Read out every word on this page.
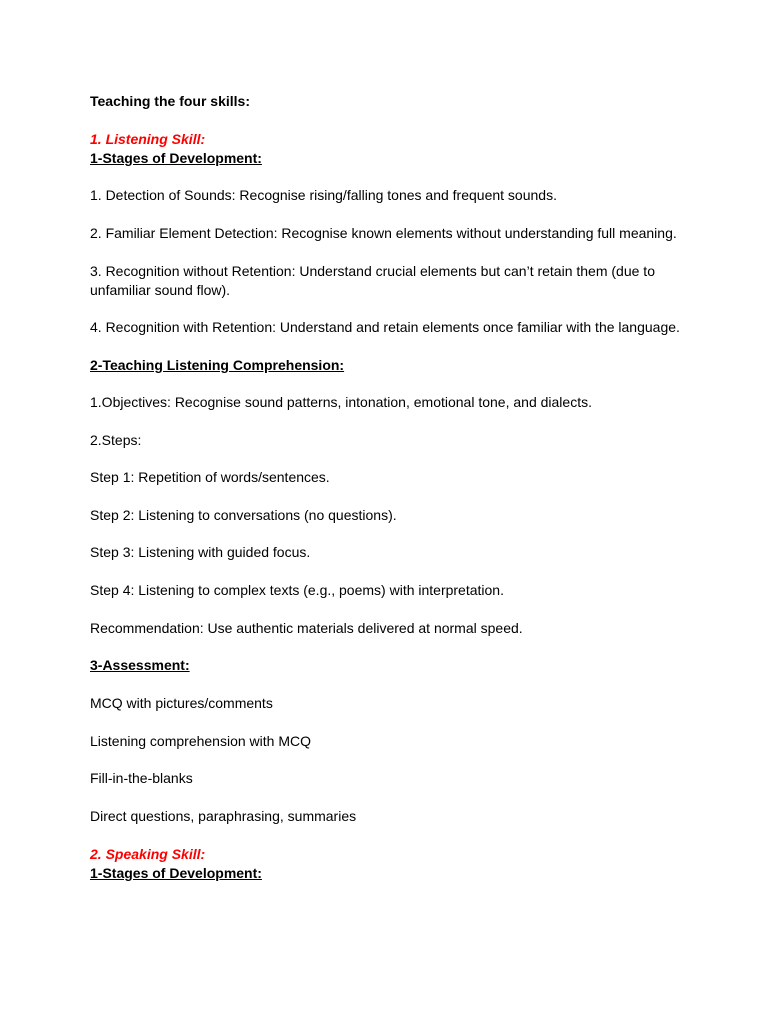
Teaching the four skills:

1. Listening Skill:

1-Stages of Development:

1. Detection of Sounds: Recognise rising/falling tones and frequent sounds.

2. Familiar Element Detection: Recognise known elements without understanding full meaning.

3. Recognition without Retention: Understand crucial elements but can’t retain them (due to unfamiliar sound flow).

4. Recognition with Retention: Understand and retain elements once familiar with the language.

2-Teaching Listening Comprehension:

1.Objectives: Recognise sound patterns, intonation, emotional tone, and dialects.

2.Steps:

Step 1: Repetition of words/sentences.

Step 2: Listening to conversations (no questions).

Step 3: Listening with guided focus.

Step 4: Listening to complex texts (e.g., poems) with interpretation.

Recommendation: Use authentic materials delivered at normal speed.

3-Assessment:

MCQ with pictures/comments

Listening comprehension with MCQ

Fill-in-the-blanks

Direct questions, paraphrasing, summaries

2. Speaking Skill:

1-Stages of Development:
